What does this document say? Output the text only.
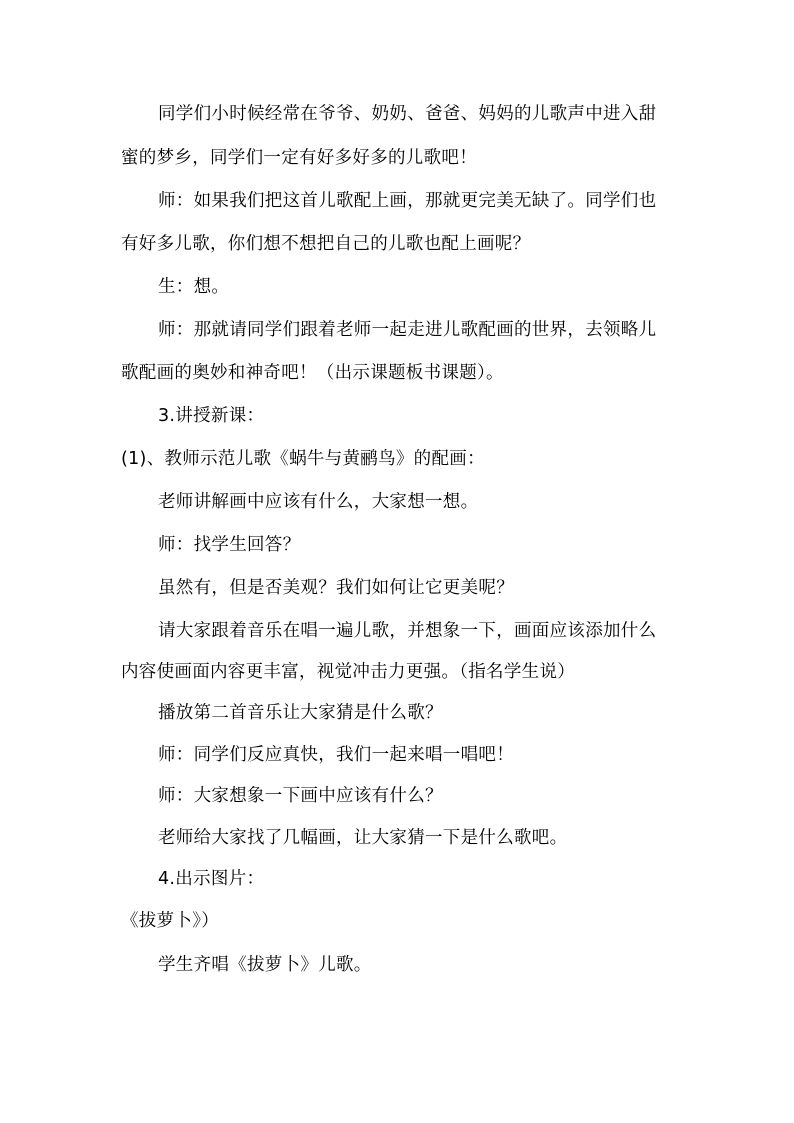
同学们小时候经常在爷爷、奶奶、爸爸、妈妈的儿歌声中进入甜
蜜的梦乡，同学们一定有好多好多的儿歌吧！
师：如果我们把这首儿歌配上画，那就更完美无缺了。同学们也
有好多儿歌，你们想不想把自己的儿歌也配上画呢？
生：想。
师：那就请同学们跟着老师一起走进儿歌配画的世界，去领略儿
歌配画的奥妙和神奇吧！（出示课题板书课题）。
3.讲授新课：
(1)、教师示范儿歌《蜗牛与黄鹂鸟》的配画：
老师讲解画中应该有什么，大家想一想。
师：找学生回答？
虽然有，但是否美观？我们如何让它更美呢？
请大家跟着音乐在唱一遍儿歌，并想象一下，画面应该添加什么
内容使画面内容更丰富，视觉冲击力更强。（指名学生说）
播放第二首音乐让大家猜是什么歌？
师：同学们反应真快，我们一起来唱一唱吧！
师：大家想象一下画中应该有什么？
老师给大家找了几幅画，让大家猜一下是什么歌吧。
4.出示图片：
《拔萝卜》）
学生齐唱《拔萝卜》儿歌。
